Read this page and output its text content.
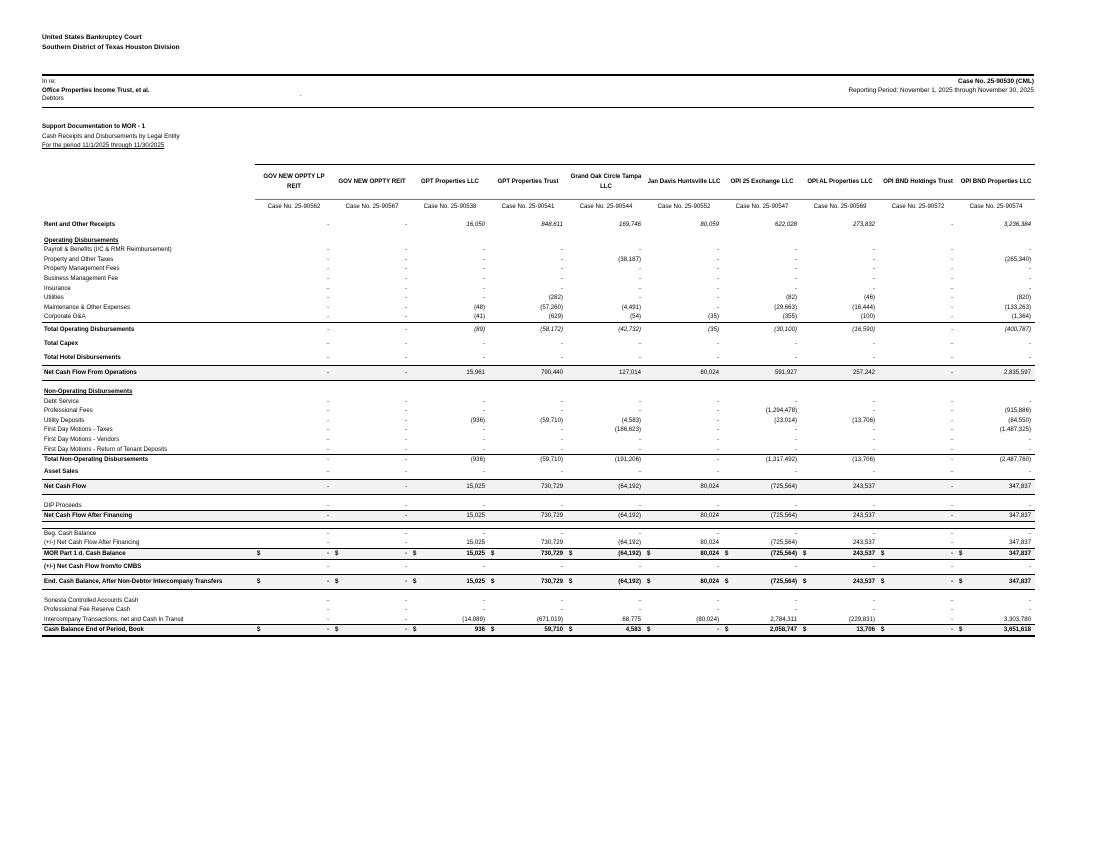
United States Bankruptcy Court
Southern District of Texas Houston Division
In re:
Office Properties Income Trust, et al.
Debtors	.
Case No. 25-90530 (CML)
Reporting Period: November 1, 2025 through November 30, 2025
Support Documentation to MOR - 1
Cash Receipts and Disbursements by Legal Entity
For the period 11/1/2025 through 11/30/2025
	GOV NEW OPPTY LP REIT	GOV NEW OPPTY REIT	GPT Properties LLC	GPT Properties Trust	Grand Oak Circle Tampa LLC	Jan Davis Huntsville LLC	OPI 25 Exchange LLC	OPI AL Properties LLC	OPI BND Holdings Trust	OPI BND Properties LLC
	Case No. 25-90562	Case No. 25-90567	Case No. 25-90538	Case No. 25-90541	Case No. 25-90544	Case No. 25-90552	Case No. 25-90547	Case No. 25-90569	Case No. 25-90572	Case No. 25-90574

Rent and Other Receipts	-	-	16,050	848,611	169,746	80,059	622,028	273,832	-	3,236,384

Operating Disbursements										
Payroll & Benefits (I/C & RMR Reimbursement)	-	-	-	-	-	-	-	-	-	-
Property and Other Taxes	-	-	-	-	(38,187)	-	-	-	-	(265,340)
Property Management Fees	-	-	-	-	-	-	-	-	-	-
Business Management Fee	-	-	-	-	-	-	-	-	-	-
Insurance	-	-	-	-	-	-	-	-	-	-
Utilities	-	-	-	(282)	-	-	(82)	(46)	-	(820)
Maintenance & Other Expenses	-	-	(48)	(57,260)	(4,491)	-	(29,663)	(16,444)	-	(133,263)
Corporate G&A	-	-	(41)	(629)	(54)	(35)	(355)	(100)	-	(1,364)
Total Operating Disbursements	-	-	(89)	(58,172)	(42,732)	(35)	(30,100)	(16,590)	-	(400,787)
Total Capex	-	-	-	-	-	-	-	-	-	-
Total Hotel Disbursements	-	-	-	-	-	-	-	-	-	-
Net Cash Flow From Operations	-	-	15,961	790,440	127,014	80,024	591,927	257,242	-	2,835,597

Non-Operating Disbursements										
Debt Service	-	-	-	-	-	-	-	-	-	-
Professional Fees	-	-	-	-	-	-	(1,294,478)	-	-	(915,886)
Utility Deposits	-	-	(936)	(59,710)	(4,583)	-	(23,014)	(13,706)	-	(84,550)
First Day Motions - Taxes	-	-	-	-	(186,623)	-	-	-	-	(1,487,325)
First Day Motions - Vendors	-	-	-	-	-	-	-	-	-	-
First Day Motions - Return of Tenant Deposits	-	-	-	-	-	-	-	-	-	-
Total Non-Operating Disbursements	-	-	(936)	(59,710)	(191,206)	-	(1,317,492)	(13,706)	-	(2,487,760)
Asset Sales	-	-	-	-	-	-	-	-	-	-
Net Cash Flow	-	-	15,025	730,729	(64,192)	80,024	(725,564)	243,537	-	347,837

DIP Proceeds	-	-	-	-	-	-	-	-	-	-
Net Cash Flow After Financing	-	-	15,025	730,729	(64,192)	80,024	(725,564)	243,537	-	347,837

Beg. Cash Balance	-	-	-	-	-	-	-	-	-	-
(+/-) Net Cash Flow After Financing	-	-	15,025	730,729	(64,192)	80,024	(725,564)	243,537	-	347,837
MOR Part 1 d. Cash Balance	$ -	$ -	$ 15,025	$ 730,729	$ (64,192)	$ 80,024	$ (725,564)	$ 243,537	$ -	$ 347,837

(+/-) Net Cash Flow from/to CMBS	-	-	-	-	-	-	-	-	-	-
End. Cash Balance, After Non-Debtor Intercompany Transfers	$ -	$ -	$ 15,025	$ 730,729	$ (64,192)	$ 80,024	$ (725,564)	$ 243,537	$ -	$ 347,837

Sonesta Controlled Accounts Cash	-	-	-	-	-	-	-	-	-	-
Professional Fee Reserve Cash	-	-	-	-	-	-	-	-	-	-
Intercompany Transactions, net and Cash In Transit	-	-	(14,089)	(671,019)	68,775	(80,024)	2,784,311	(229,831)	-	3,303,780
Cash Balance End of Period, Book	$ -	$ -	$ 936	$ 59,710	$ 4,583	$ -	$ 2,058,747	$ 13,706	$ -	$ 3,651,618
